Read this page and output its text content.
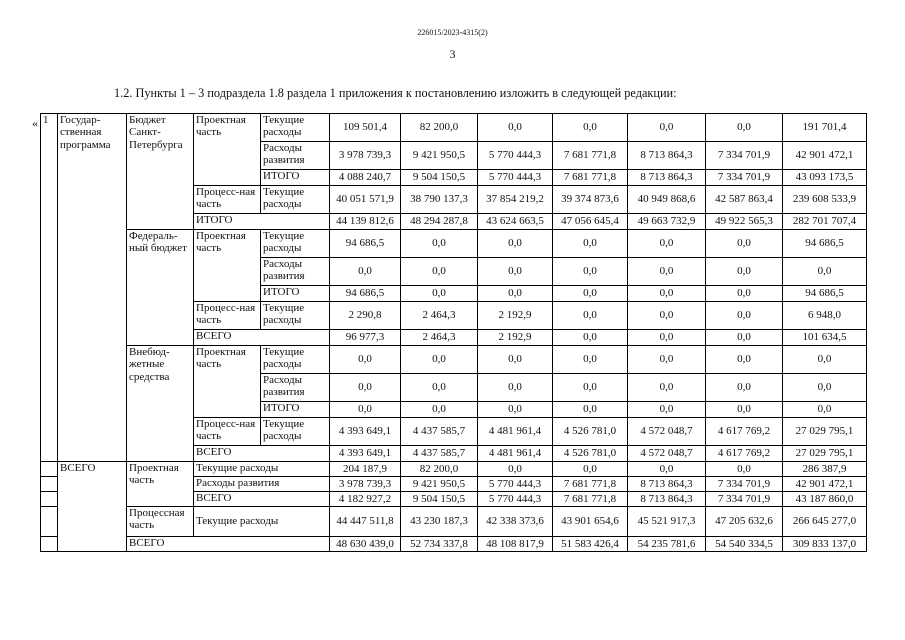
226015/2023-4315(2)
3
1.2. Пункты 1 – 3 подраздела 1.8 раздела 1 приложения к постановлению изложить в следующей редакции:
« 1	Государ-ственная программа	Бюджет Санкт-Петербурга	Проектная часть	Текущие расходы	109 501,4	82 200,0	0,0	0,0	0,0	0,0	191 701,4
				Расходы развития	3 978 739,3	9 421 950,5	5 770 444,3	7 681 771,8	8 713 864,3	7 334 701,9	42 901 472,1
				ИТОГО	4 088 240,7	9 504 150,5	5 770 444,3	7 681 771,8	8 713 864,3	7 334 701,9	43 093 173,5
			Процесс-ная часть	Текущие расходы	40 051 571,9	38 790 137,3	37 854 219,2	39 374 873,6	40 949 868,6	42 587 863,4	239 608 533,9
			ИТОГО		44 139 812,6	48 294 287,8	43 624 663,5	47 056 645,4	49 663 732,9	49 922 565,3	282 701 707,4
		Федераль-ный бюджет	Проектная часть	Текущие расходы	94 686,5	0,0	0,0	0,0	0,0	0,0	94 686,5
				Расходы развития	0,0	0,0	0,0	0,0	0,0	0,0	0,0
				ИТОГО	94 686,5	0,0	0,0	0,0	0,0	0,0	94 686,5
			Процесс-ная часть	Текущие расходы	2 290,8	2 464,3	2 192,9	0,0	0,0	0,0	6 948,0
			ВСЕГО		96 977,3	2 464,3	2 192,9	0,0	0,0	0,0	101 634,5
		Внебюд-жетные средства	Проектная часть	Текущие расходы	0,0	0,0	0,0	0,0	0,0	0,0	0,0
				Расходы развития	0,0	0,0	0,0	0,0	0,0	0,0	0,0
				ИТОГО	0,0	0,0	0,0	0,0	0,0	0,0	0,0
			Процесс-ная часть	Текущие расходы	4 393 649,1	4 437 585,7	4 481 961,4	4 526 781,0	4 572 048,7	4 617 769,2	27 029 795,1
			ВСЕГО		4 393 649,1	4 437 585,7	4 481 961,4	4 526 781,0	4 572 048,7	4 617 769,2	27 029 795,1
	ВСЕГО	Проектная часть	Текущие расходы		204 187,9	82 200,0	0,0	0,0	0,0	0,0	286 387,9
			Расходы развития		3 978 739,3	9 421 950,5	5 770 444,3	7 681 771,8	8 713 864,3	7 334 701,9	42 901 472,1
			ВСЕГО		4 182 927,2	9 504 150,5	5 770 444,3	7 681 771,8	8 713 864,3	7 334 701,9	43 187 860,0
		Процессная часть	Текущие расходы		44 447 511,8	43 230 187,3	42 338 373,6	43 901 654,6	45 521 917,3	47 205 632,6	266 645 277,0
		ВСЕГО			48 630 439,0	52 734 337,8	48 108 817,9	51 583 426,4	54 235 781,6	54 540 334,5	309 833 137,0
